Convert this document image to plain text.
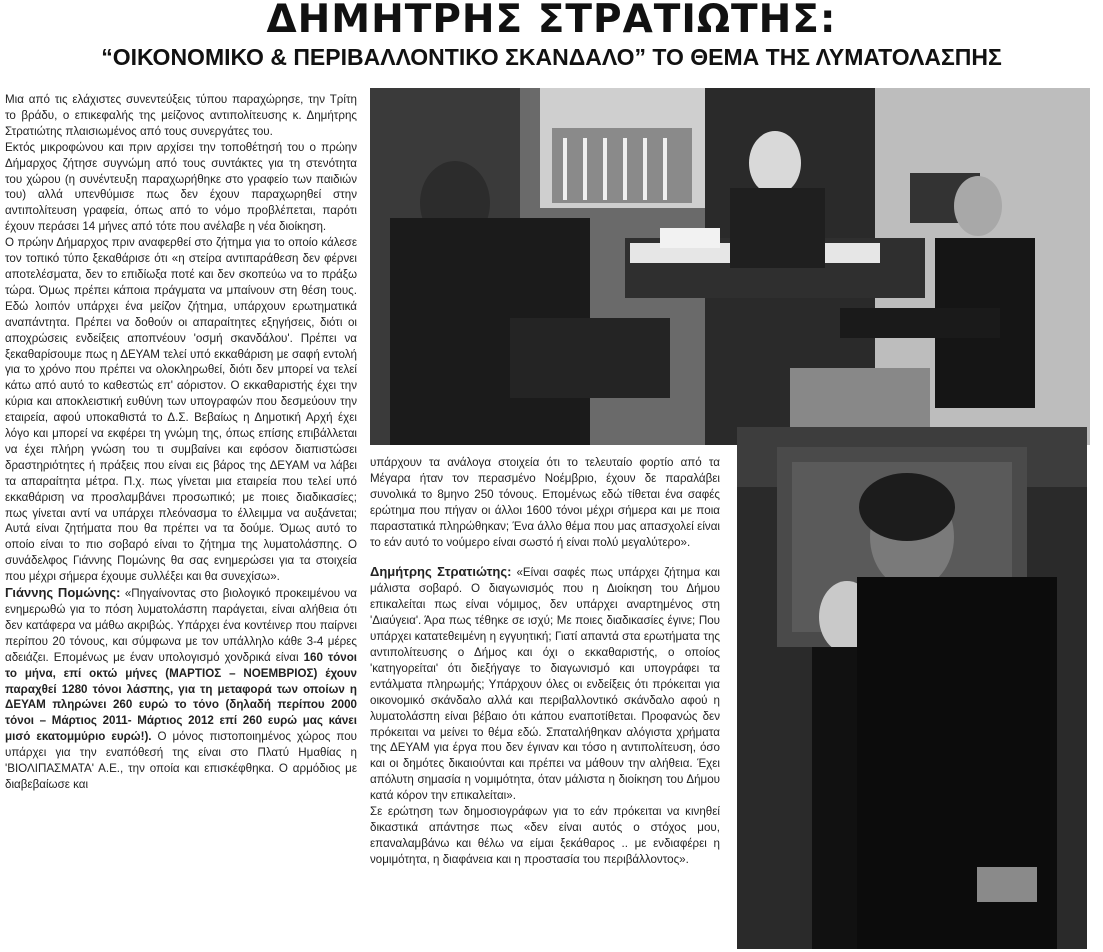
ΔΗΜΗΤΡΗΣ ΣΤΡΑΤΙΩΤΗΣ:
“ΟΙΚΟΝΟΜΙΚΟ & ΠΕΡΙΒΑΛΛΟΝΤΙΚΟ ΣΚΑΝΔΑΛΟ” ΤΟ ΘΕΜΑ ΤΗΣ ΛΥΜΑΤΟΛΑΣΠΗΣ

Μια από τις ελάχιστες συνεντεύξεις τύπου παραχώρησε, την Τρίτη το βράδυ, ο επικεφαλής της μείζονος αντιπολίτευσης κ. Δημήτρης Στρατιώτης πλαισιωμένος από τους συνεργάτες του.

Εκτός μικροφώνου και πριν αρχίσει την τοποθέτησή του ο πρώην Δήμαρχος ζήτησε συγνώμη από τους συντάκτες για τη στενότητα του χώρου (η συνέντευξη παραχωρήθηκε στο γραφείο των παιδιών του) αλλά υπενθύμισε πως δεν έχουν παραχωρηθεί στην αντιπολίτευση γραφεία, όπως από το νόμο προβλέπεται, παρότι έχουν περάσει 14 μήνες από τότε που ανέλαβε η νέα διοίκηση.

Ο πρώην Δήμαρχος πριν αναφερθεί στο ζήτημα για το οποίο κάλεσε τον τοπικό τύπο ξεκαθάρισε ότι «η στείρα αντιπαράθεση δεν φέρνει αποτελέσματα, δεν το επιδίωξα ποτέ και δεν σκοπεύω να το πράξω τώρα. Όμως πρέπει κάποια πράγματα να μπαίνουν στη θέση τους. Εδώ λοιπόν υπάρχει ένα μείζον ζήτημα, υπάρχουν ερωτηματικά αναπάντητα. Πρέπει να δοθούν οι απαραίτητες εξηγήσεις, διότι οι αποχρώσεις ενδείξεις αποπνέουν 'οσμή σκανδάλου'. Πρέπει να ξεκαθαρίσουμε πως η ΔΕΥΑΜ τελεί υπό εκκαθάριση με σαφή εντολή για το χρόνο που πρέπει να ολοκληρωθεί, διότι δεν μπορεί να τελεί κάτω από αυτό το καθεστώς επ' αόριστον. Ο εκκαθαριστής έχει την κύρια και αποκλειστική ευθύνη των υπογραφών που δεσμεύουν την εταιρεία, αφού υποκαθιστά το Δ.Σ. Βεβαίως η Δημοτική Αρχή έχει λόγο και μπορεί να εκφέρει τη γνώμη της, όπως επίσης επιβάλλεται να έχει πλήρη γνώση του τι συμβαίνει και εφόσον διαπιστώσει δραστηριότητες ή πράξεις που είναι εις βάρος της ΔΕΥΑΜ να λάβει τα απαραίτητα μέτρα. Π.χ. πως γίνεται μια εταιρεία που τελεί υπό εκκαθάριση να προσλαμβάνει προσωπικό; με ποιες διαδικασίες; πως γίνεται αντί να υπάρχει πλεόνασμα το έλλειμμα να αυξάνεται; Αυτά είναι ζητήματα που θα πρέπει να τα δούμε. Όμως αυτό το οποίο είναι το πιο σοβαρό είναι το ζήτημα της λυματολάσπης. Ο συνάδελφος Γιάννης Πομώνης θα σας ενημερώσει για τα στοιχεία που μέχρι σήμερα έχουμε συλλέξει και θα συνεχίσω».

Γιάννης Πομώνης: «Πηγαίνοντας στο βιολογικό προκειμένου να ενημερωθώ για το πόση λυματολάσπη παράγεται, είναι αλήθεια ότι δεν κατάφερα να μάθω ακριβώς. Υπάρχει ένα κοντέινερ που παίρνει περίπου 20 τόνους, και σύμφωνα με τον υπάλληλο κάθε 3-4 μέρες αδειάζει. Επομένως με έναν υπολογισμό χονδρικά είναι 160 τόνοι το μήνα, επί οκτώ μήνες (ΜΑΡΤΙΟΣ – ΝΟΕΜΒΡΙΟΣ) έχουν παραχθεί 1280 τόνοι λάσπης, για τη μεταφορά των οποίων η ΔΕΥΑΜ πληρώνει 260 ευρώ το τόνο (δηλαδή περίπου 2000 τόνοι – Μάρτιος 2011- Μάρτιος 2012 επί 260 ευρώ μας κάνει μισό εκατομμύριο ευρώ!). Ο μόνος πιστοποιημένος χώρος που υπάρχει για την εναπόθεσή της είναι στο Πλατύ Ημαθίας η 'ΒΙΟΛΙΠΑΣΜΑΤΑ' Α.Ε., την οποία και επισκέφθηκα. Ο αρμόδιος με διαβεβαίωσε και

υπάρχουν τα ανάλογα στοιχεία ότι το τελευταίο φορτίο από τα Μέγαρα ήταν τον περασμένο Νοέμβριο, έχουν δε παραλάβει συνολικά το 8μηνο 250 τόνους. Επομένως εδώ τίθεται ένα σαφές ερώτημα που πήγαν οι άλλοι 1600 τόνοι μέχρι σήμερα και με ποια παραστατικά πληρώθηκαν; Ένα άλλο θέμα που μας απασχολεί είναι το εάν αυτό το νούμερο είναι σωστό ή είναι πολύ μεγαλύτερο».

Δημήτρης Στρατιώτης: «Είναι σαφές πως υπάρχει ζήτημα και μάλιστα σοβαρό. Ο διαγωνισμός που η Διοίκηση του Δήμου επικαλείται πως είναι νόμιμος, δεν υπάρχει αναρτημένος στη 'Διαύγεια'. Άρα πως τέθηκε σε ισχύ; Με ποιες διαδικασίες έγινε; Που υπάρχει κατατεθειμένη η εγγυητική; Γιατί απαντά στα ερωτήματα της αντιπολίτευσης ο Δήμος και όχι ο εκκαθαριστής, ο οποίος 'κατηγορείται' ότι διεξήγαγε το διαγωνισμό και υπογράφει τα εντάλματα πληρωμής; Υπάρχουν όλες οι ενδείξεις ότι πρόκειται για οικονομικό σκάνδαλο αλλά και περιβαλλοντικό σκάνδαλο αφού η λυματολάσπη είναι βέβαιο ότι κάπου εναποτίθεται. Προφανώς δεν πρόκειται να μείνει το θέμα εδώ. Σπαταλήθηκαν αλόγιστα χρήματα της ΔΕΥΑΜ για έργα που δεν έγιναν και τόσο η αντιπολίτευση, όσο και οι δημότες δικαιούνται και πρέπει να μάθουν την αλήθεια. Έχει απόλυτη σημασία η νομιμότητα, όταν μάλιστα η διοίκηση του Δήμου κατά κόρον την επικαλείται».

Σε ερώτηση των δημοσιογράφων για το εάν πρόκειται να κινηθεί δικαστικά απάντησε πως «δεν είναι αυτός ο στόχος μου, επαναλαμβάνω και θέλω να είμαι ξεκάθαρος .. με ενδιαφέρει η νομιμότητα, η διαφάνεια και η προστασία του περιβάλλοντος».
